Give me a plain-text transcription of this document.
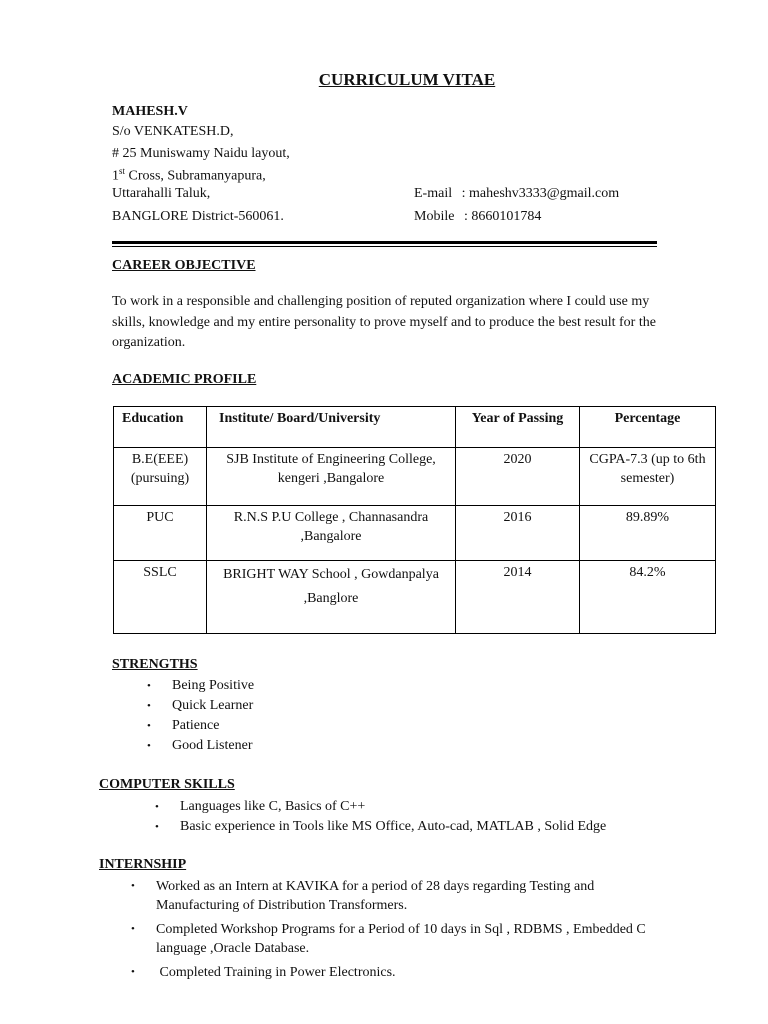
CURRICULUM VITAE
MAHESH.V
S/o VENKATESH.D,
# 25 Muniswamy Naidu layout,
1st Cross, Subramanyapura,
Uttarahalli Taluk,
BANGLORE District-560061.
E-mail : maheshv3333@gmail.com
Mobile : 8660101784
CAREER OBJECTIVE
To work in a responsible and challenging position of reputed organization where I could use my skills, knowledge and my entire personality to prove myself and to produce the best result for the organization.
ACADEMIC PROFILE
Education	Institute/ Board/University	Year of Passing	Percentage
B.E(EEE) (pursuing)	SJB Institute of Engineering College, kengeri ,Bangalore	2020	CGPA-7.3 (up to 6th semester)
PUC	R.N.S P.U College , Channasandra ,Bangalore	2016	89.89%
SSLC	BRIGHT WAY School , Gowdanpalya ,Banglore	2014	84.2%
STRENGTHS
• Being Positive
• Quick Learner
• Patience
• Good Listener
COMPUTER SKILLS
• Languages like C, Basics of C++
• Basic experience in Tools like MS Office, Auto-cad, MATLAB , Solid Edge
INTERNSHIP
• Worked as an Intern at KAVIKA for a period of 28 days regarding Testing and Manufacturing of Distribution Transformers.
• Completed Workshop Programs for a Period of 10 days in Sql , RDBMS , Embedded C language ,Oracle Database.
• Completed Training in Power Electronics.
